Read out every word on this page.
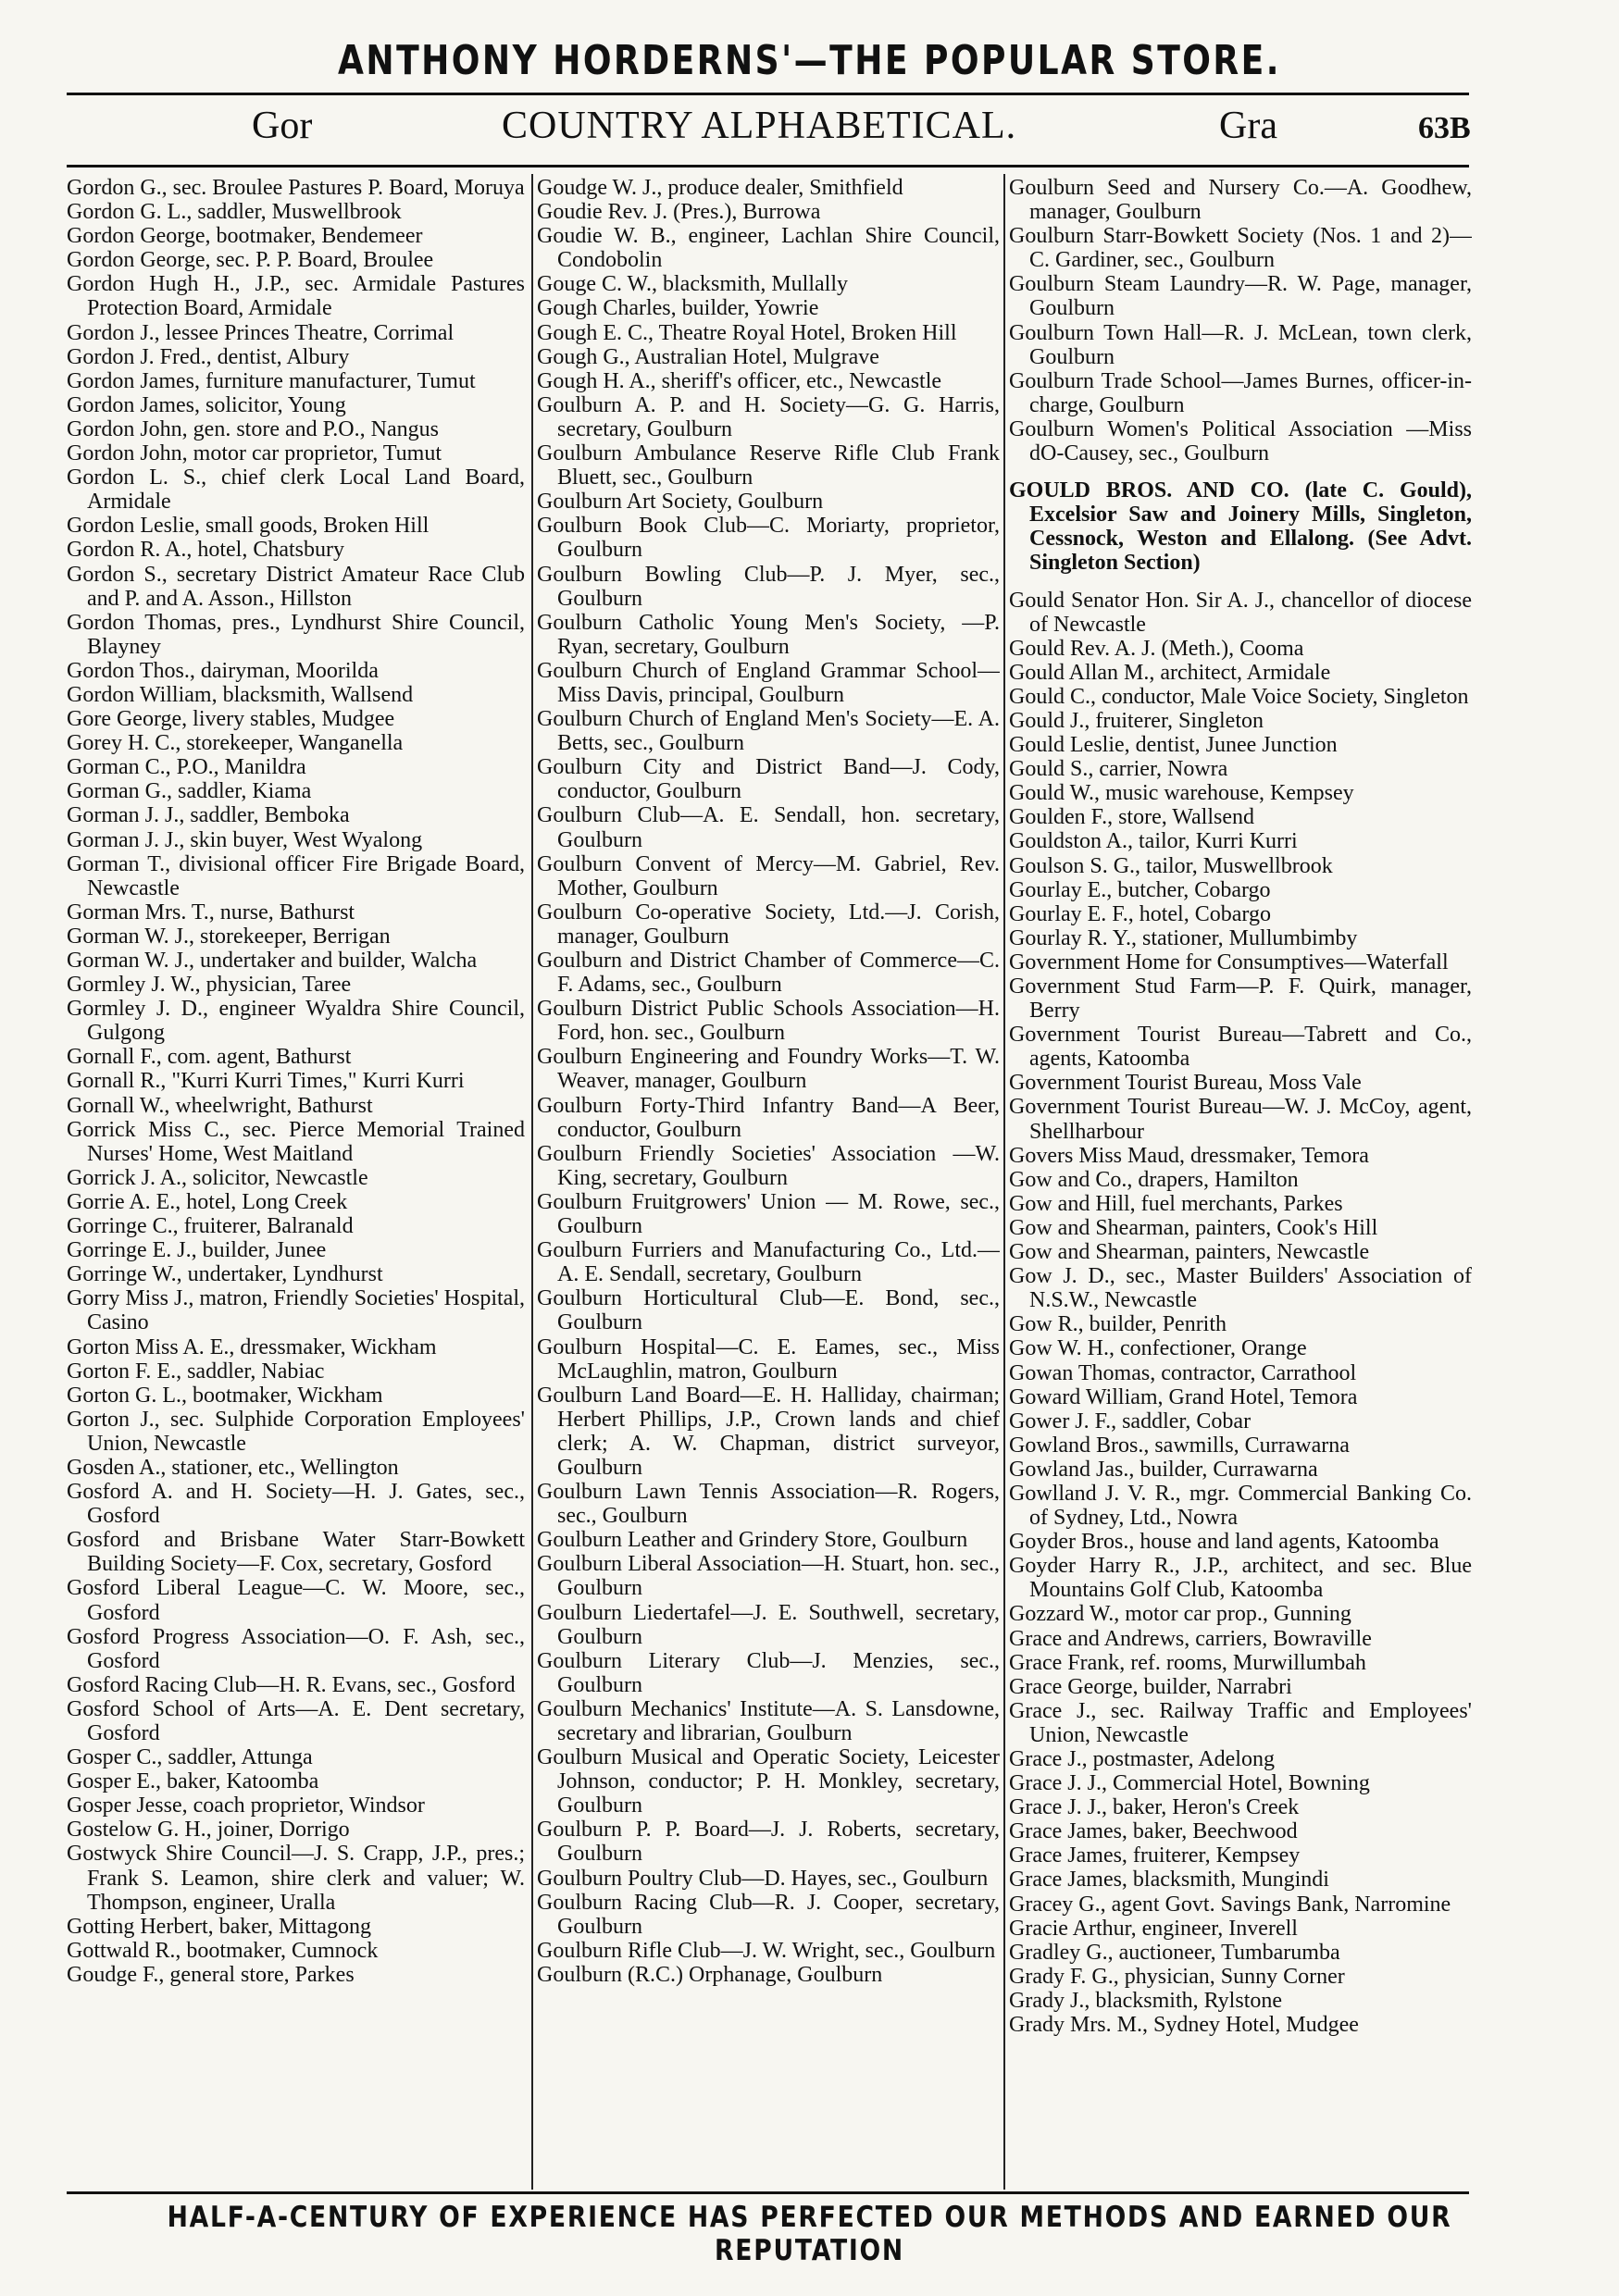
ANTHONY HORDERNS'—THE POPULAR STORE.
Gor	COUNTRY ALPHABETICAL.	Gra	63B

Gordon G., sec. Broulee Pastures P. Board, Moruya

Gordon G. L., saddler, Muswellbrook

Gordon George, bootmaker, Bendemeer

Gordon George, sec. P. P. Board, Broulee

Gordon Hugh H., J.P., sec. Armidale Pastures Protection Board, Armidale

Gordon J., lessee Princes Theatre, Corrimal

Gordon J. Fred., dentist, Albury

Gordon James, furniture manufacturer, Tumut

Gordon James, solicitor, Young

Gordon John, gen. store and P.O., Nangus

Gordon John, motor car proprietor, Tumut

Gordon L. S., chief clerk Local Land Board, Armidale

Gordon Leslie, small goods, Broken Hill

Gordon R. A., hotel, Chatsbury

Gordon S., secretary District Amateur Race Club and P. and A. Asson., Hillston

Gordon Thomas, pres., Lyndhurst Shire Council, Blayney

Gordon Thos., dairyman, Moorilda

Gordon William, blacksmith, Wallsend

Gore George, livery stables, Mudgee

Gorey H. C., storekeeper, Wanganella

Gorman C., P.O., Manildra

Gorman G., saddler, Kiama

Gorman J. J., saddler, Bemboka

Gorman J. J., skin buyer, West Wyalong

Gorman T., divisional officer Fire Brigade Board, Newcastle

Gorman Mrs. T., nurse, Bathurst

Gorman W. J., storekeeper, Berrigan

Gorman W. J., undertaker and builder, Walcha

Gormley J. W., physician, Taree

Gormley J. D., engineer Wyaldra Shire Council, Gulgong

Gornall F., com. agent, Bathurst

Gornall R., "Kurri Kurri Times," Kurri Kurri

Gornall W., wheelwright, Bathurst

Gorrick Miss C., sec. Pierce Memorial Trained Nurses' Home, West Maitland

Gorrick J. A., solicitor, Newcastle

Gorrie A. E., hotel, Long Creek

Gorringe C., fruiterer, Balranald

Gorringe E. J., builder, Junee

Gorringe W., undertaker, Lyndhurst

Gorry Miss J., matron, Friendly Societies' Hospital, Casino

Gorton Miss A. E., dressmaker, Wickham

Gorton F. E., saddler, Nabiac

Gorton G. L., bootmaker, Wickham

Gorton J., sec. Sulphide Corporation Employees' Union, Newcastle

Gosden A., stationer, etc., Wellington

Gosford A. and H. Society—H. J. Gates, sec., Gosford

Gosford and Brisbane Water Starr-Bowkett Building Society—F. Cox, secretary, Gosford

Gosford Liberal League—C. W. Moore, sec., Gosford

Gosford Progress Association—O. F. Ash, sec., Gosford

Gosford Racing Club—H. R. Evans, sec., Gosford

Gosford School of Arts—A. E. Dent secretary, Gosford

Gosper C., saddler, Attunga

Gosper E., baker, Katoomba

Gosper Jesse, coach proprietor, Windsor

Gostelow G. H., joiner, Dorrigo

Gostwyck Shire Council—J. S. Crapp, J.P., pres.; Frank S. Leamon, shire clerk and valuer; W. Thompson, engineer, Uralla

Gotting Herbert, baker, Mittagong

Gottwald R., bootmaker, Cumnock

Goudge F., general store, Parkes

Goudge W. J., produce dealer, Smithfield

Goudie Rev. J. (Pres.), Burrowa

Goudie W. B., engineer, Lachlan Shire Council, Condobolin

Gouge C. W., blacksmith, Mullally

Gough Charles, builder, Yowrie

Gough E. C., Theatre Royal Hotel, Broken Hill

Gough G., Australian Hotel, Mulgrave

Gough H. A., sheriff's officer, etc., Newcastle

Goulburn A. P. and H. Society—G. G. Harris, secretary, Goulburn

Goulburn Ambulance Reserve Rifle Club Frank Bluett, sec., Goulburn

Goulburn Art Society, Goulburn

Goulburn Book Club—C. Moriarty, proprietor, Goulburn

Goulburn Bowling Club—P. J. Myer, sec., Goulburn

Goulburn Catholic Young Men's Society, —P. Ryan, secretary, Goulburn

Goulburn Church of England Grammar School—Miss Davis, principal, Goulburn

Goulburn Church of England Men's Society—E. A. Betts, sec., Goulburn

Goulburn City and District Band—J. Cody, conductor, Goulburn

Goulburn Club—A. E. Sendall, hon. secretary, Goulburn

Goulburn Convent of Mercy—M. Gabriel, Rev. Mother, Goulburn

Goulburn Co-operative Society, Ltd.—J. Corish, manager, Goulburn

Goulburn and District Chamber of Commerce—C. F. Adams, sec., Goulburn

Goulburn District Public Schools Association—H. Ford, hon. sec., Goulburn

Goulburn Engineering and Foundry Works—T. W. Weaver, manager, Goulburn

Goulburn Forty-Third Infantry Band—A Beer, conductor, Goulburn

Goulburn Friendly Societies' Association —W. King, secretary, Goulburn

Goulburn Fruitgrowers' Union — M. Rowe, sec., Goulburn

Goulburn Furriers and Manufacturing Co., Ltd.—A. E. Sendall, secretary, Goulburn

Goulburn Horticultural Club—E. Bond, sec., Goulburn

Goulburn Hospital—C. E. Eames, sec., Miss McLaughlin, matron, Goulburn

Goulburn Land Board—E. H. Halliday, chairman; Herbert Phillips, J.P., Crown lands and chief clerk; A. W. Chapman, district surveyor, Goulburn

Goulburn Lawn Tennis Association—R. Rogers, sec., Goulburn

Goulburn Leather and Grindery Store, Goulburn

Goulburn Liberal Association—H. Stuart, hon. sec., Goulburn

Goulburn Liedertafel—J. E. Southwell, secretary, Goulburn

Goulburn Literary Club—J. Menzies, sec., Goulburn

Goulburn Mechanics' Institute—A. S. Lansdowne, secretary and librarian, Goulburn

Goulburn Musical and Operatic Society, Leicester Johnson, conductor; P. H. Monkley, secretary, Goulburn

Goulburn P. P. Board—J. J. Roberts, secretary, Goulburn

Goulburn Poultry Club—D. Hayes, sec., Goulburn

Goulburn Racing Club—R. J. Cooper, secretary, Goulburn

Goulburn Rifle Club—J. W. Wright, sec., Goulburn

Goulburn (R.C.) Orphanage, Goulburn

Goulburn Seed and Nursery Co.—A. Goodhew, manager, Goulburn

Goulburn Starr-Bowkett Society (Nos. 1 and 2)—C. Gardiner, sec., Goulburn

Goulburn Steam Laundry—R. W. Page, manager, Goulburn

Goulburn Town Hall—R. J. McLean, town clerk, Goulburn

Goulburn Trade School—James Burnes, officer-in-charge, Goulburn

Goulburn Women's Political Association —Miss dO-Causey, sec., Goulburn

GOULD BROS. AND CO. (late C. Gould), Excelsior Saw and Joinery Mills, Singleton, Cessnock, Weston and Ellalong. (See Advt. Singleton Section)

Gould Senator Hon. Sir A. J., chancellor of diocese of Newcastle

Gould Rev. A. J. (Meth.), Cooma

Gould Allan M., architect, Armidale

Gould C., conductor, Male Voice Society, Singleton

Gould J., fruiterer, Singleton

Gould Leslie, dentist, Junee Junction

Gould S., carrier, Nowra

Gould W., music warehouse, Kempsey

Goulden F., store, Wallsend

Gouldston A., tailor, Kurri Kurri

Goulson S. G., tailor, Muswellbrook

Gourlay E., butcher, Cobargo

Gourlay E. F., hotel, Cobargo

Gourlay R. Y., stationer, Mullumbimby

Government Home for Consumptives—Waterfall

Government Stud Farm—P. F. Quirk, manager, Berry

Government Tourist Bureau—Tabrett and Co., agents, Katoomba

Government Tourist Bureau, Moss Vale

Government Tourist Bureau—W. J. McCoy, agent, Shellharbour

Govers Miss Maud, dressmaker, Temora

Gow and Co., drapers, Hamilton

Gow and Hill, fuel merchants, Parkes

Gow and Shearman, painters, Cook's Hill

Gow and Shearman, painters, Newcastle

Gow J. D., sec., Master Builders' Association of N.S.W., Newcastle

Gow R., builder, Penrith

Gow W. H., confectioner, Orange

Gowan Thomas, contractor, Carrathool

Goward William, Grand Hotel, Temora

Gower J. F., saddler, Cobar

Gowland Bros., sawmills, Currawarna

Gowland Jas., builder, Currawarna

Gowlland J. V. R., mgr. Commercial Banking Co. of Sydney, Ltd., Nowra

Goyder Bros., house and land agents, Katoomba

Goyder Harry R., J.P., architect, and sec. Blue Mountains Golf Club, Katoomba

Gozzard W., motor car prop., Gunning

Grace and Andrews, carriers, Bowraville

Grace Frank, ref. rooms, Murwillumbah

Grace George, builder, Narrabri

Grace J., sec. Railway Traffic and Employees' Union, Newcastle

Grace J., postmaster, Adelong

Grace J. J., Commercial Hotel, Bowning

Grace J. J., baker, Heron's Creek

Grace James, baker, Beechwood

Grace James, fruiterer, Kempsey

Grace James, blacksmith, Mungindi

Gracey G., agent Govt. Savings Bank, Narromine

Gracie Arthur, engineer, Inverell

Gradley G., auctioneer, Tumbarumba

Grady F. G., physician, Sunny Corner

Grady J., blacksmith, Rylstone

Grady Mrs. M., Sydney Hotel, Mudgee

HALF-A-CENTURY OF EXPERIENCE HAS PERFECTED OUR METHODS AND EARNED OUR REPUTATION
